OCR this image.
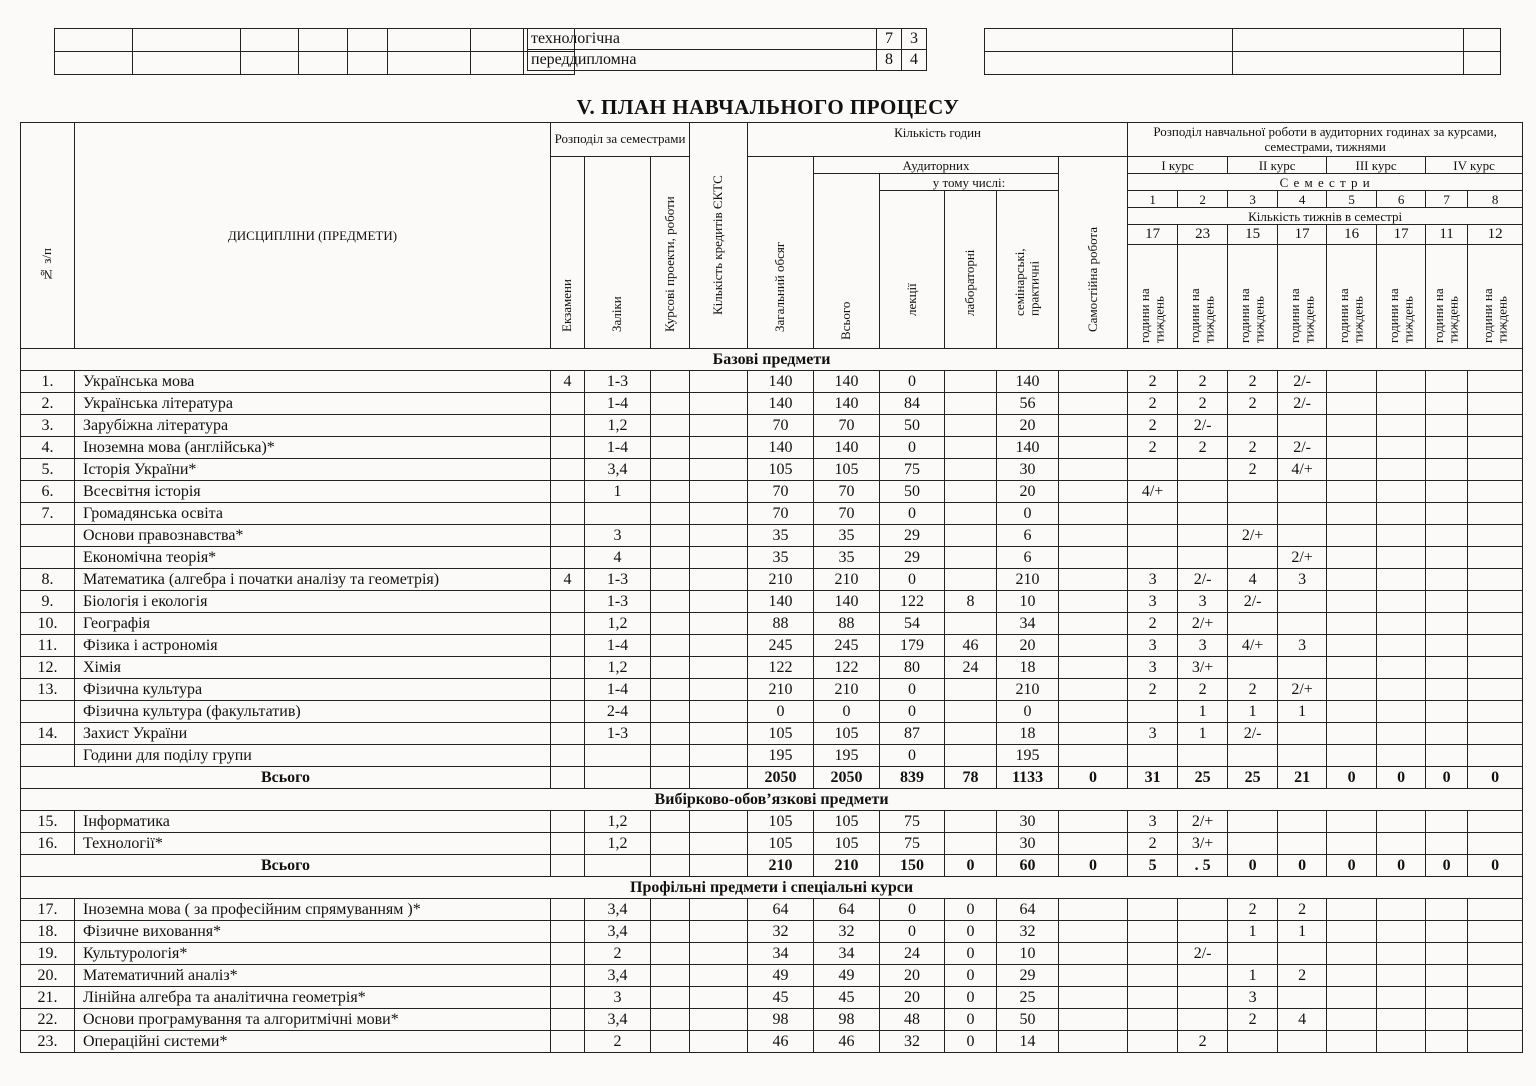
технологічна	7	3
переддипломна	8	4

V. ПЛАН НАВЧАЛЬНОГО ПРОЦЕСУ
№ з/п	ДИСЦИПЛІНИ (ПРЕДМЕТИ)	Розподіл за семестрами			Кількість кредитів ЄКТС	Кількість годин						Розподіл навчальної роботи в аудиторних годинах за курсами, семестрами, тижнями							
		Екзамени	Заліки	Курсові проекти, роботи		Загальний обсяг	Аудиторних				Самостійна робота	I курс		II курс		III курс		IV курс	
							Всього	у тому числі:				С е м е с т р и							
								лекції	лабораторні	семінарські, практичні		1	2	3	4	5	6	7	8
												Кількість тижнів в семестрі							
												17	23	15	17	16	17	11	12
												години на тиждень	години на тиждень	години на тиждень	години на тиждень	години на тиждень	години на тиждень	години на тиждень	години на тиждень
Базові предмети																			
1.	Українська мова	4	1-3			140	140	0		140		2	2	2	2/-				
2.	Українська література		1-4			140	140	84		56		2	2	2	2/-				
3.	Зарубіжна література		1,2			70	70	50		20		2	2/-						
4.	Іноземна мова (англійська)*		1-4			140	140	0		140		2	2	2	2/-				
5.	Історія України*		3,4			105	105	75		30				2	4/+				
6.	Всесвітня історія		1			70	70	50		20		4/+							
7.	Громадянська освіта					70	70	0		0									
	Основи правознавства*		3			35	35	29		6				2/+					
	Економічна теорія*		4			35	35	29		6					2/+				
8.	Математика (алгебра і початки аналізу та геометрія)	4	1-3			210	210	0		210		3	2/-	4	3				
9.	Біологія і екологія		1-3			140	140	122	8	10		3	3	2/-					
10.	Географія		1,2			88	88	54		34		2	2/+						
11.	Фізика і астрономія		1-4			245	245	179	46	20		3	3	4/+	3				
12.	Хімія		1,2			122	122	80	24	18		3	3/+						
13.	Фізична культура		1-4			210	210	0		210		2	2	2	2/+				
	Фізична культура (факультатив)		2-4			0	0	0		0			1	1	1				
14.	Захист України		1-3			105	105	87		18		3	1	2/-					
	Години для поділу групи					195	195	0		195									
Всього						2050	2050	839	78	1133	0	31	25	25	21	0	0	0	0
Вибірково-обов’язкові предмети																			
15.	Інформатика		1,2			105	105	75		30		3	2/+						
16.	Технології*		1,2			105	105	75		30		2	3/+						
Всього						210	210	150	0	60	0	5	. 5	0	0	0	0	0	0
Профільні предмети і спеціальні курси																			
17.	Іноземна мова ( за професійним спрямуванням )*		3,4			64	64	0	0	64				2	2				
18.	Фізичне виховання*		3,4			32	32	0	0	32				1	1				
19.	Культурологія*		2			34	34	24	0	10			2/-						
20.	Математичний аналіз*		3,4			49	49	20	0	29				1	2				
21.	Лінійна алгебра та аналітична геометрія*		3			45	45	20	0	25				3					
22.	Основи програмування та алгоритмічні мови*		3,4			98	98	48	0	50				2	4				
23.	Операційні системи*		2			46	46	32	0	14			2						
